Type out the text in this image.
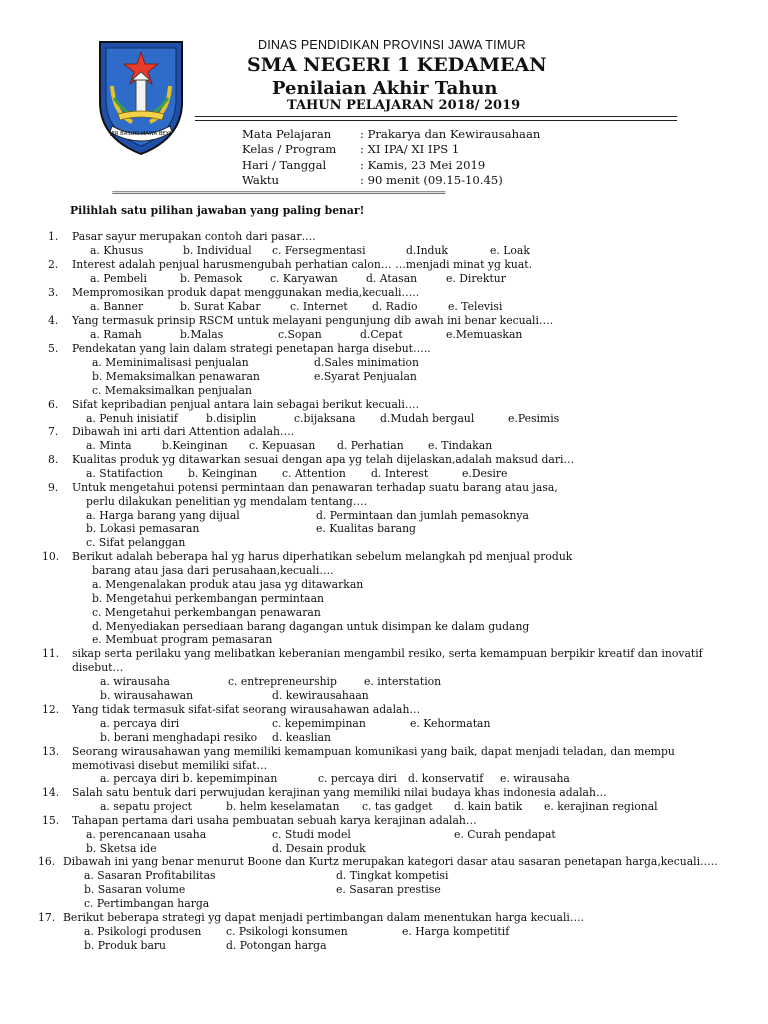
JER BASUKI MAWA BEYA
DINAS PENDIDIKAN PROVINSI JAWA TIMUR
SMA NEGERI 1 KEDAMEAN
Penilaian Akhir Tahun
TAHUN PELAJARAN 2018/ 2019
Mata Pelajaran : Prakarya dan Kewirausahaan
Kelas / Program : XI IPA/ XI IPS 1
Hari / Tanggal	: Kamis, 23 Mei 2019
Waktu	: 90 menit (09.15-10.45)
=====================================================================================
Pilihlah satu pilihan jawaban yang paling benar!
1. Pasar sayur merupakan contoh dari pasar….
a. Khusus	b. Individual c. Fersegmentasi	d.Induk	e. Loak
2. Interest adalah penjual harusmengubah perhatian calon… …menjadi minat yg kuat.
a. Pembeli	b. Pemasok	c. Karyawan	d. Atasan	e. Direktur
3. Mempromosikan produk dapat menggunakan media,kecuali…..
a. Banner	b. Surat Kabar	c. Internet d. Radio	e. Televisi
4. Yang termasuk prinsip RSCM untuk melayani pengunjung dib awah ini benar kecuali….
a. Ramah	b.Malas	c.Sopan	d.Cepat	e.Memuaskan
5. Pendekatan yang lain dalam strategi penetapan harga disebut…..
a. Meminimalisasi penjualan	d.Sales minimation
b. Memaksimalkan penawaran	e.Syarat Penjualan
c. Memaksimalkan penjualan
6. Sifat kepribadian penjual antara lain sebagai berikut kecuali….
a. Penuh inisiatif	b.disiplin	c.bijaksana d.Mudah bergaul	e.Pesimis
7. Dibawah ini arti dari Attention adalah….
a. Minta	b.Keinginan c. Kepuasan d. Perhatian e. Tindakan
8. Kualitas produk yg ditawarkan sesuai dengan apa yg telah dijelaskan,adalah maksud dari…
a. Statifaction b. Keinginan c. Attention d. Interest	e.Desire
9. Untuk mengetahui potensi permintaan dan penawaran terhadap suatu barang atau jasa,
perlu dilakukan penelitian yg mendalam tentang….
a. Harga barang yang dijual	d. Permintaan dan jumlah pemasoknya
b. Lokasi pemasaran	e. Kualitas barang
c. Sifat pelanggan
10. Berikut adalah beberapa hal yg harus diperhatikan sebelum melangkah pd menjual produk
barang atau jasa dari perusahaan,kecuali….
a. Mengenalakan produk atau jasa yg ditawarkan
b. Mengetahui perkembangan permintaan
c. Mengetahui perkembangan penawaran
d. Menyediakan persediaan barang dagangan untuk disimpan ke dalam gudang
e. Membuat program pemasaran
11. sikap serta perilaku yang melibatkan keberanian mengambil resiko, serta kemampuan berpikir kreatif dan inovatif
disebut…
a. wirausaha	c. entrepreneurship	e. interstation
b. wirausahawan	d. kewirausahaan
12. Yang tidak termasuk sifat-sifat seorang wirausahawan adalah…
a. percaya diri	c. kepemimpinan	e. Kehormatan
b. berani menghadapi resiko d. keaslian
13. Seorang wirausahawan yang memiliki kemampuan komunikasi yang baik, dapat menjadi teladan, dan mempu
memotivasi disebut memiliki sifat…
a. percaya diri b. kepemimpinan	c. percaya diri d. konservatif e. wirausaha
14. Salah satu bentuk dari perwujudan kerajinan yang memiliki nilai budaya khas indonesia adalah…
a. sepatu project	b. helm keselamatan c. tas gadget d. kain batik e. kerajinan regional
15. Tahapan pertama dari usaha pembuatan sebuah karya kerajinan adalah…
a. perencanaan usaha	c. Studi model	e. Curah pendapat
b. Sketsa ide	d. Desain produk
16. Dibawah ini yang benar menurut Boone dan Kurtz merupakan kategori dasar atau sasaran penetapan harga,kecuali…..
a. Sasaran Profitabilitas	d. Tingkat kompetisi
b. Sasaran volume	e. Sasaran prestise
c. Pertimbangan harga
17. Berikut beberapa strategi yg dapat menjadi pertimbangan dalam menentukan harga kecuali….
a. Psikologi produsen c. Psikologi konsumen	e. Harga kompetitif
b. Produk baru	d. Potongan harga
